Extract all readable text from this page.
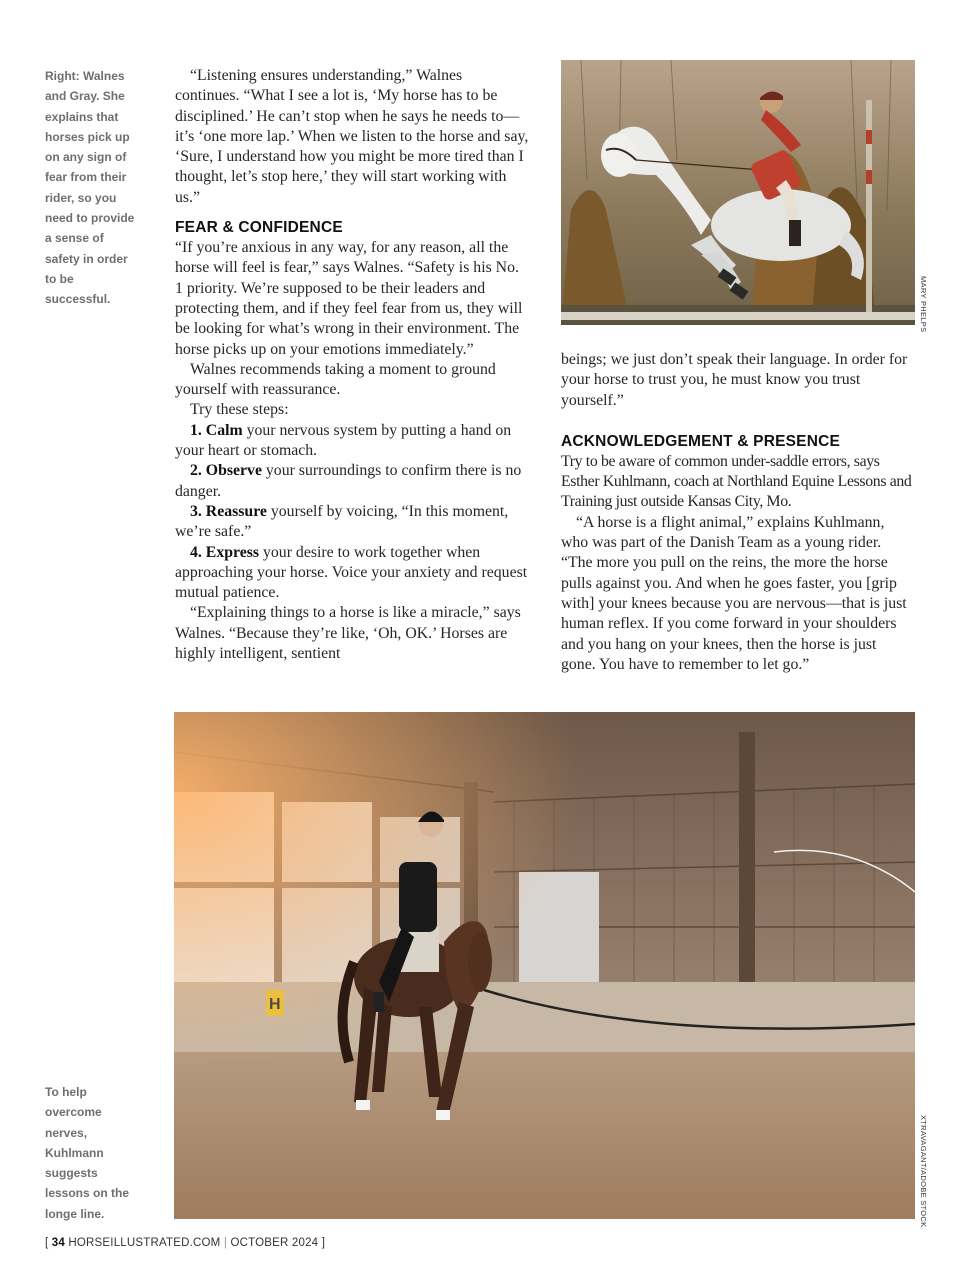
Right: Walnes and Gray. She explains that horses pick up on any sign of fear from their rider, so you need to provide a sense of safety in order to be successful.
To help overcome nerves, Kuhlmann suggests lessons on the longe line.

“Listening ensures understanding,” Walnes continues. “What I see a lot is, ‘My horse has to be disciplined.’ He can’t stop when he says he needs to—it’s ‘one more lap.’ When we listen to the horse and say, ‘Sure, I understand how you might be more tired than I thought, let’s stop here,’ they will start working with us.”

FEAR & CONFIDENCE

“If you’re anxious in any way, for any reason, all the horse will feel is fear,” says Walnes. “Safety is his No. 1 priority. We’re supposed to be their leaders and protecting them, and if they feel fear from us, they will be looking for what’s wrong in their environment. The horse picks up on your emotions immediately.”

Walnes recommends taking a moment to ground yourself with reassurance.

Try these steps:

1. Calm your nervous system by putting a hand on your heart or stomach.

2. Observe your surroundings to confirm there is no danger.

3. Reassure yourself by voicing, “In this moment, we’re safe.”

4. Express your desire to work together when approaching your horse. Voice your anxiety and request mutual patience.

“Explaining things to a horse is like a miracle,” says Walnes. “Because they’re like, ‘Oh, OK.’ Horses are highly intelligent, sentient

MARY PHELPS

beings; we just don’t speak their language. In order for your horse to trust you, he must know you trust yourself.”

ACKNOWLEDGEMENT & PRESENCE

Try to be aware of common under-saddle errors, says Esther Kuhlmann, coach at Northland Equine Lessons and Training just outside Kansas City, Mo.

“A horse is a flight animal,” explains Kuhlmann, who was part of the Danish Team as a young rider. “The more you pull on the reins, the more the horse pulls against you. And when he goes faster, you [grip with] your knees because you are nervous—that is just human reflex. If you come forward in your shoulders and you hang on your knees, then the horse is just gone. You have to remember to let go.”

XTRAVAGANT/ADOBE STOCK
[ 34 HORSEILLUSTRATED.COM | OCTOBER 2024 ]
